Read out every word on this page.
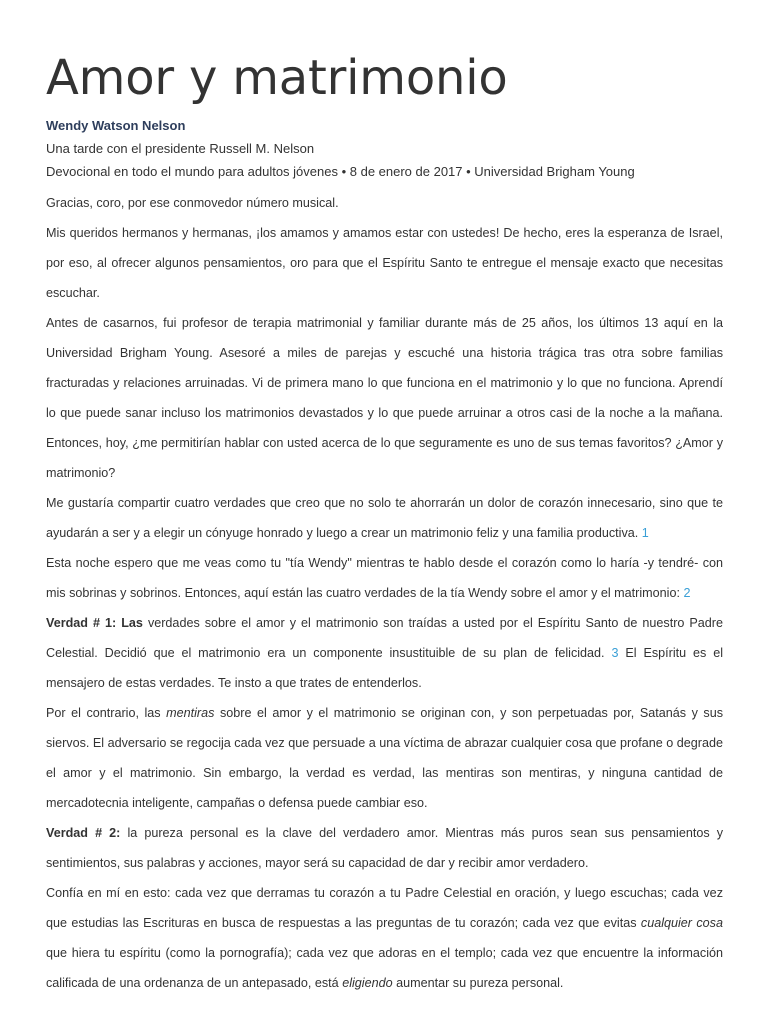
Amor y matrimonio
Wendy Watson Nelson
Una tarde con el presidente Russell M. Nelson
Devocional en todo el mundo para adultos jóvenes • 8 de enero de 2017 • Universidad Brigham Young

Gracias, coro, por ese conmovedor número musical.

Mis queridos hermanos y hermanas, ¡los amamos y amamos estar con ustedes! De hecho, eres la esperanza de Israel, por eso, al ofrecer algunos pensamientos, oro para que el Espíritu Santo te entregue el mensaje exacto que necesitas escuchar.

Antes de casarnos, fui profesor de terapia matrimonial y familiar durante más de 25 años, los últimos 13 aquí en la Universidad Brigham Young. Asesoré a miles de parejas y escuché una historia trágica tras otra sobre familias fracturadas y relaciones arruinadas. Vi de primera mano lo que funciona en el matrimonio y lo que no funciona. Aprendí lo que puede sanar incluso los matrimonios devastados y lo que puede arruinar a otros casi de la noche a la mañana. Entonces, hoy, ¿me permitirían hablar con usted acerca de lo que seguramente es uno de sus temas favoritos? ¿Amor y matrimonio?

Me gustaría compartir cuatro verdades que creo que no solo te ahorrarán un dolor de corazón innecesario, sino que te ayudarán a ser y a elegir un cónyuge honrado y luego a crear un matrimonio feliz y una familia productiva. 1

Esta noche espero que me veas como tu "tía Wendy" mientras te hablo desde el corazón como lo haría -y tendré- con mis sobrinas y sobrinos. Entonces, aquí están las cuatro verdades de la tía Wendy sobre el amor y el matrimonio: 2

Verdad # 1: Las verdades sobre el amor y el matrimonio son traídas a usted por el Espíritu Santo de nuestro Padre Celestial. Decidió que el matrimonio era un componente insustituible de su plan de felicidad. 3 El Espíritu es el mensajero de estas verdades. Te insto a que trates de entenderlos.

Por el contrario, las mentiras sobre el amor y el matrimonio se originan con, y son perpetuadas por, Satanás y sus siervos. El adversario se regocija cada vez que persuade a una víctima de abrazar cualquier cosa que profane o degrade el amor y el matrimonio. Sin embargo, la verdad es verdad, las mentiras son mentiras, y ninguna cantidad de mercadotecnia inteligente, campañas o defensa puede cambiar eso.

Verdad # 2: la pureza personal es la clave del verdadero amor. Mientras más puros sean sus pensamientos y sentimientos, sus palabras y acciones, mayor será su capacidad de dar y recibir amor verdadero.

Confía en mí en esto: cada vez que derramas tu corazón a tu Padre Celestial en oración, y luego escuchas; cada vez que estudias las Escrituras en busca de respuestas a las preguntas de tu corazón; cada vez que evitas cualquier cosa que hiera tu espíritu (como la pornografía); cada vez que adoras en el templo; cada vez que encuentre la información calificada de una ordenanza de un antepasado, está eligiendo aumentar su pureza personal.
